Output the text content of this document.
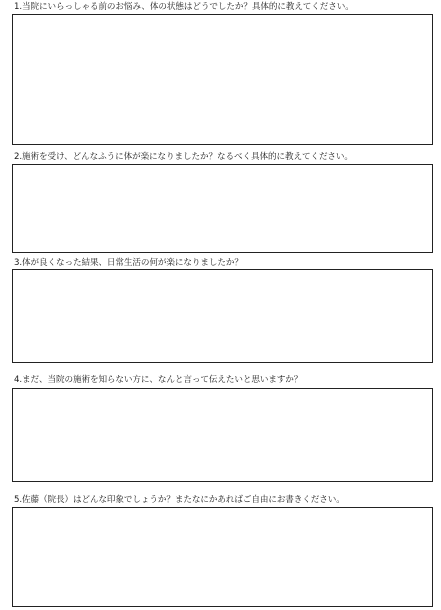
1.当院にいらっしゃる前のお悩み、体の状態はどうでしたか？具体的に教えてください。
2.施術を受け、どんなふうに体が楽になりましたか？なるべく具体的に教えてください。
3.体が良くなった結果、日常生活の何が楽になりましたか？
4.まだ、当院の施術を知らない方に、なんと言って伝えたいと思いますか？
5.佐藤（院長）はどんな印象でしょうか？またなにかあればご自由にお書きください。
